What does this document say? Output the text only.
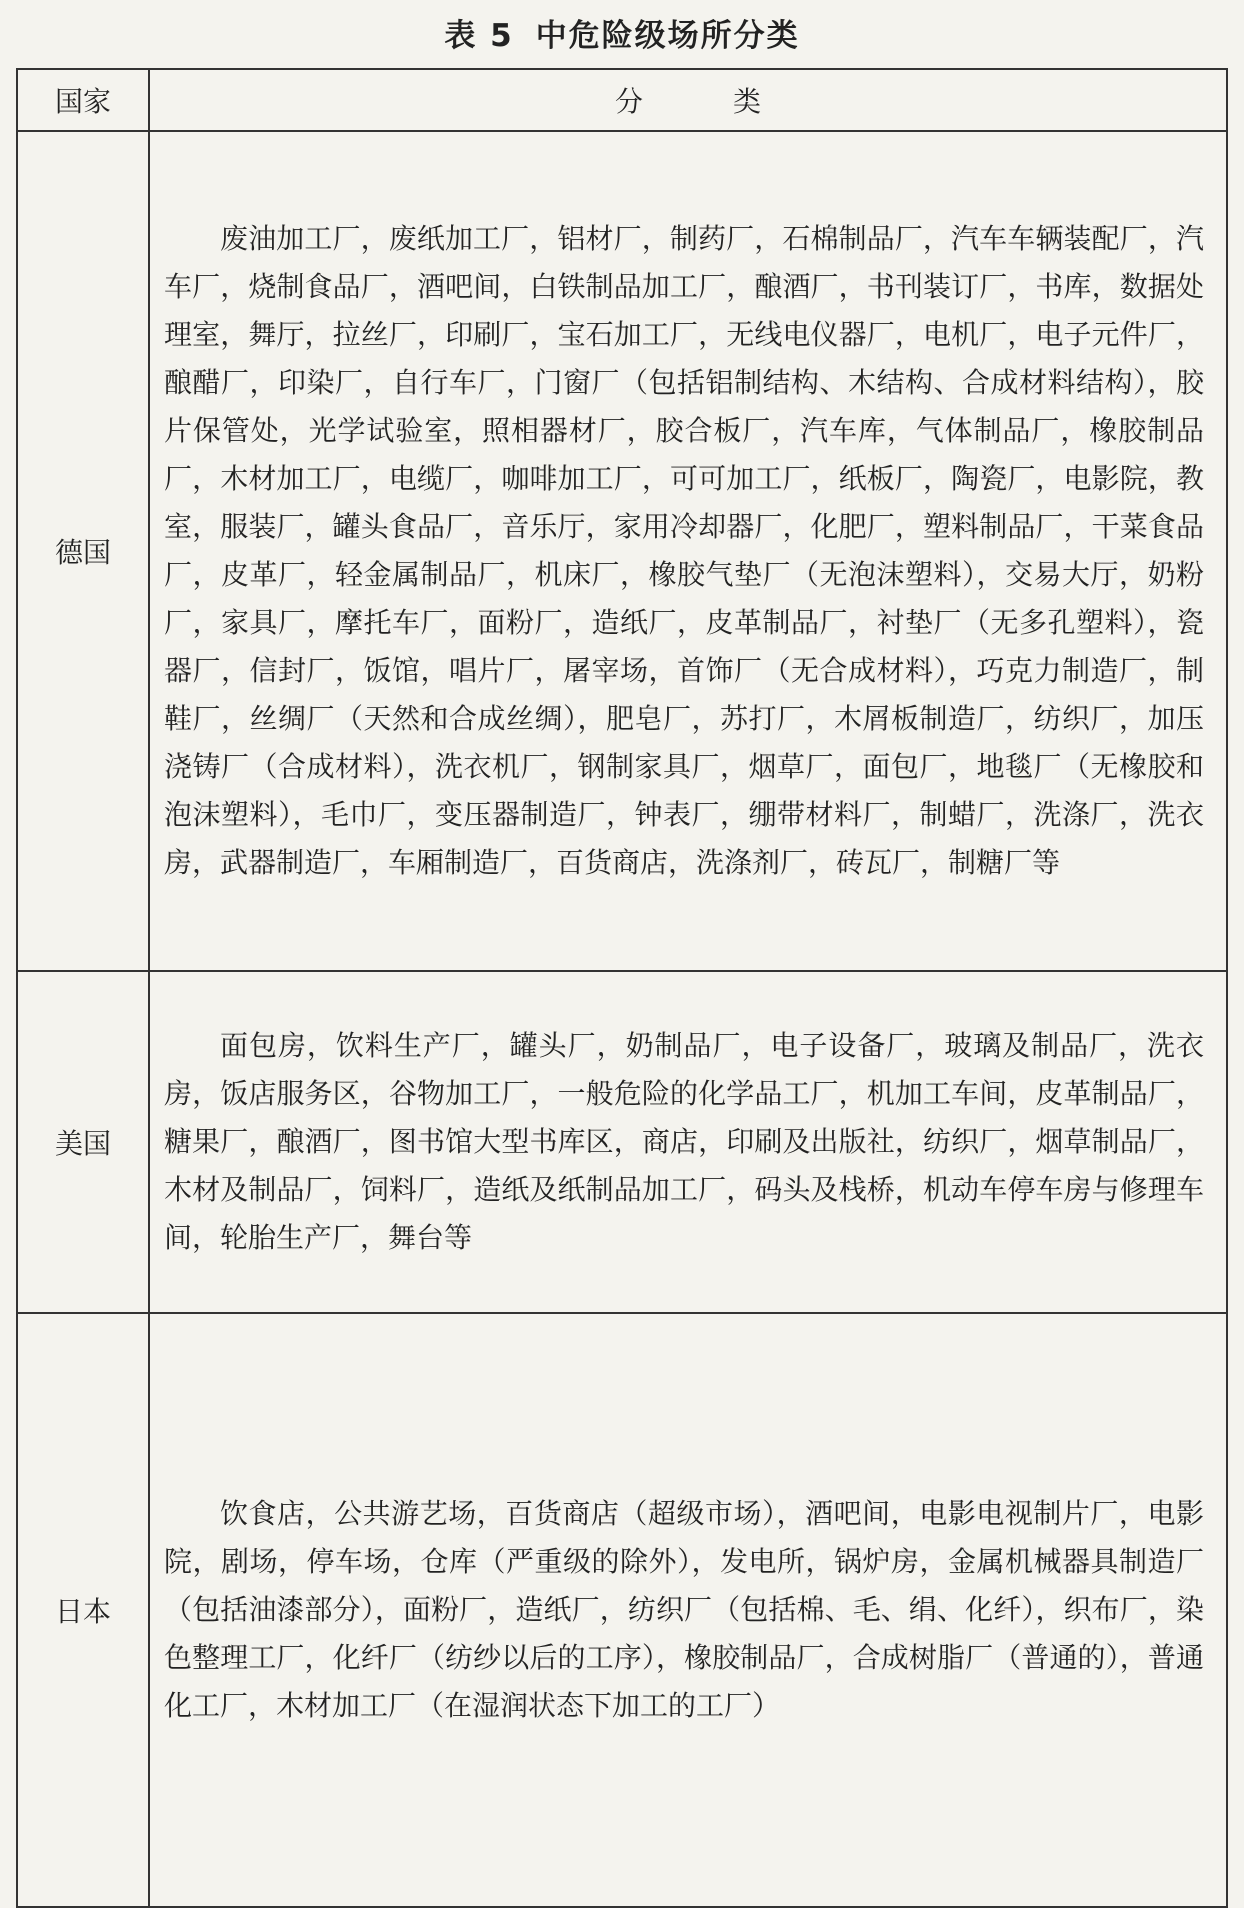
表 5 中危险级场所分类
国家	分类
德国	废油加工厂，废纸加工厂，铝材厂，制药厂，石棉制品厂，汽车车辆装配厂，汽车厂，烧制食品厂，酒吧间，白铁制品加工厂，酿酒厂，书刊装订厂，书库，数据处理室，舞厅，拉丝厂，印刷厂，宝石加工厂，无线电仪器厂，电机厂，电子元件厂，酿醋厂，印染厂，自行车厂，门窗厂（包括铝制结构、木结构、合成材料结构），胶片保管处，光学试验室，照相器材厂，胶合板厂，汽车库，气体制品厂，橡胶制品厂，木材加工厂，电缆厂，咖啡加工厂，可可加工厂，纸板厂，陶瓷厂，电影院，教室，服装厂，罐头食品厂，音乐厅，家用冷却器厂，化肥厂，塑料制品厂，干菜食品厂，皮革厂，轻金属制品厂，机床厂，橡胶气垫厂（无泡沫塑料），交易大厅，奶粉厂，家具厂，摩托车厂，面粉厂，造纸厂，皮革制品厂，衬垫厂（无多孔塑料），瓷器厂，信封厂，饭馆，唱片厂，屠宰场，首饰厂（无合成材料），巧克力制造厂，制鞋厂，丝绸厂（天然和合成丝绸），肥皂厂，苏打厂，木屑板制造厂，纺织厂，加压浇铸厂（合成材料），洗衣机厂，钢制家具厂，烟草厂，面包厂，地毯厂（无橡胶和泡沫塑料），毛巾厂，变压器制造厂，钟表厂，绷带材料厂，制蜡厂，洗涤厂，洗衣房，武器制造厂，车厢制造厂，百货商店，洗涤剂厂，砖瓦厂，制糖厂等
美国	面包房，饮料生产厂，罐头厂，奶制品厂，电子设备厂，玻璃及制品厂，洗衣房，饭店服务区，谷物加工厂，一般危险的化学品工厂，机加工车间，皮革制品厂，糖果厂，酿酒厂，图书馆大型书库区，商店，印刷及出版社，纺织厂，烟草制品厂，木材及制品厂，饲料厂，造纸及纸制品加工厂，码头及栈桥，机动车停车房与修理车间，轮胎生产厂，舞台等
日本	饮食店，公共游艺场，百货商店（超级市场），酒吧间，电影电视制片厂，电影院，剧场，停车场，仓库（严重级的除外），发电所，锅炉房，金属机械器具制造厂（包括油漆部分），面粉厂，造纸厂，纺织厂（包括棉、毛、绢、化纤），织布厂，染色整理工厂，化纤厂（纺纱以后的工序），橡胶制品厂，合成树脂厂（普通的），普通化工厂，木材加工厂（在湿润状态下加工的工厂）
